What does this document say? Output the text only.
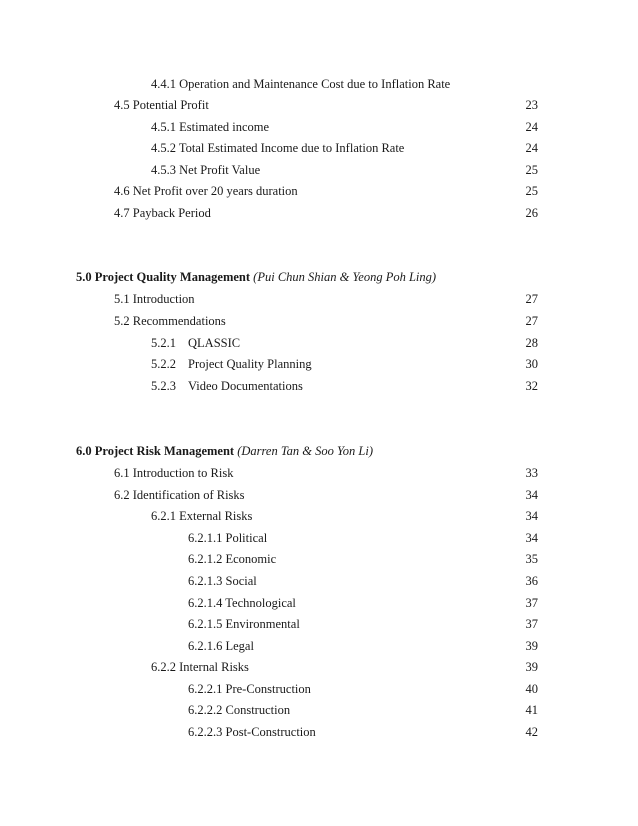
4.4.1 Operation and Maintenance Cost due to Inflation Rate
4.5 Potential Profit	23
4.5.1 Estimated income	24
4.5.2 Total Estimated Income due to Inflation Rate	24
4.5.3 Net Profit Value	25
4.6 Net Profit over 20 years duration	25
4.7 Payback Period	26
5.0 Project Quality Management (Pui Chun Shian & Yeong Poh Ling)
5.1 Introduction	27
5.2 Recommendations	27
5.2.1 QLASSIC	28
5.2.2 Project Quality Planning	30
5.2.3 Video Documentations	32
6.0 Project Risk Management (Darren Tan & Soo Yon Li)
6.1 Introduction to Risk	33
6.2 Identification of Risks	34
6.2.1 External Risks	34
6.2.1.1 Political	34
6.2.1.2 Economic	35
6.2.1.3 Social	36
6.2.1.4 Technological	37
6.2.1.5 Environmental	37
6.2.1.6 Legal	39
6.2.2 Internal Risks	39
6.2.2.1 Pre-Construction	40
6.2.2.2 Construction	41
6.2.2.3 Post-Construction	42
